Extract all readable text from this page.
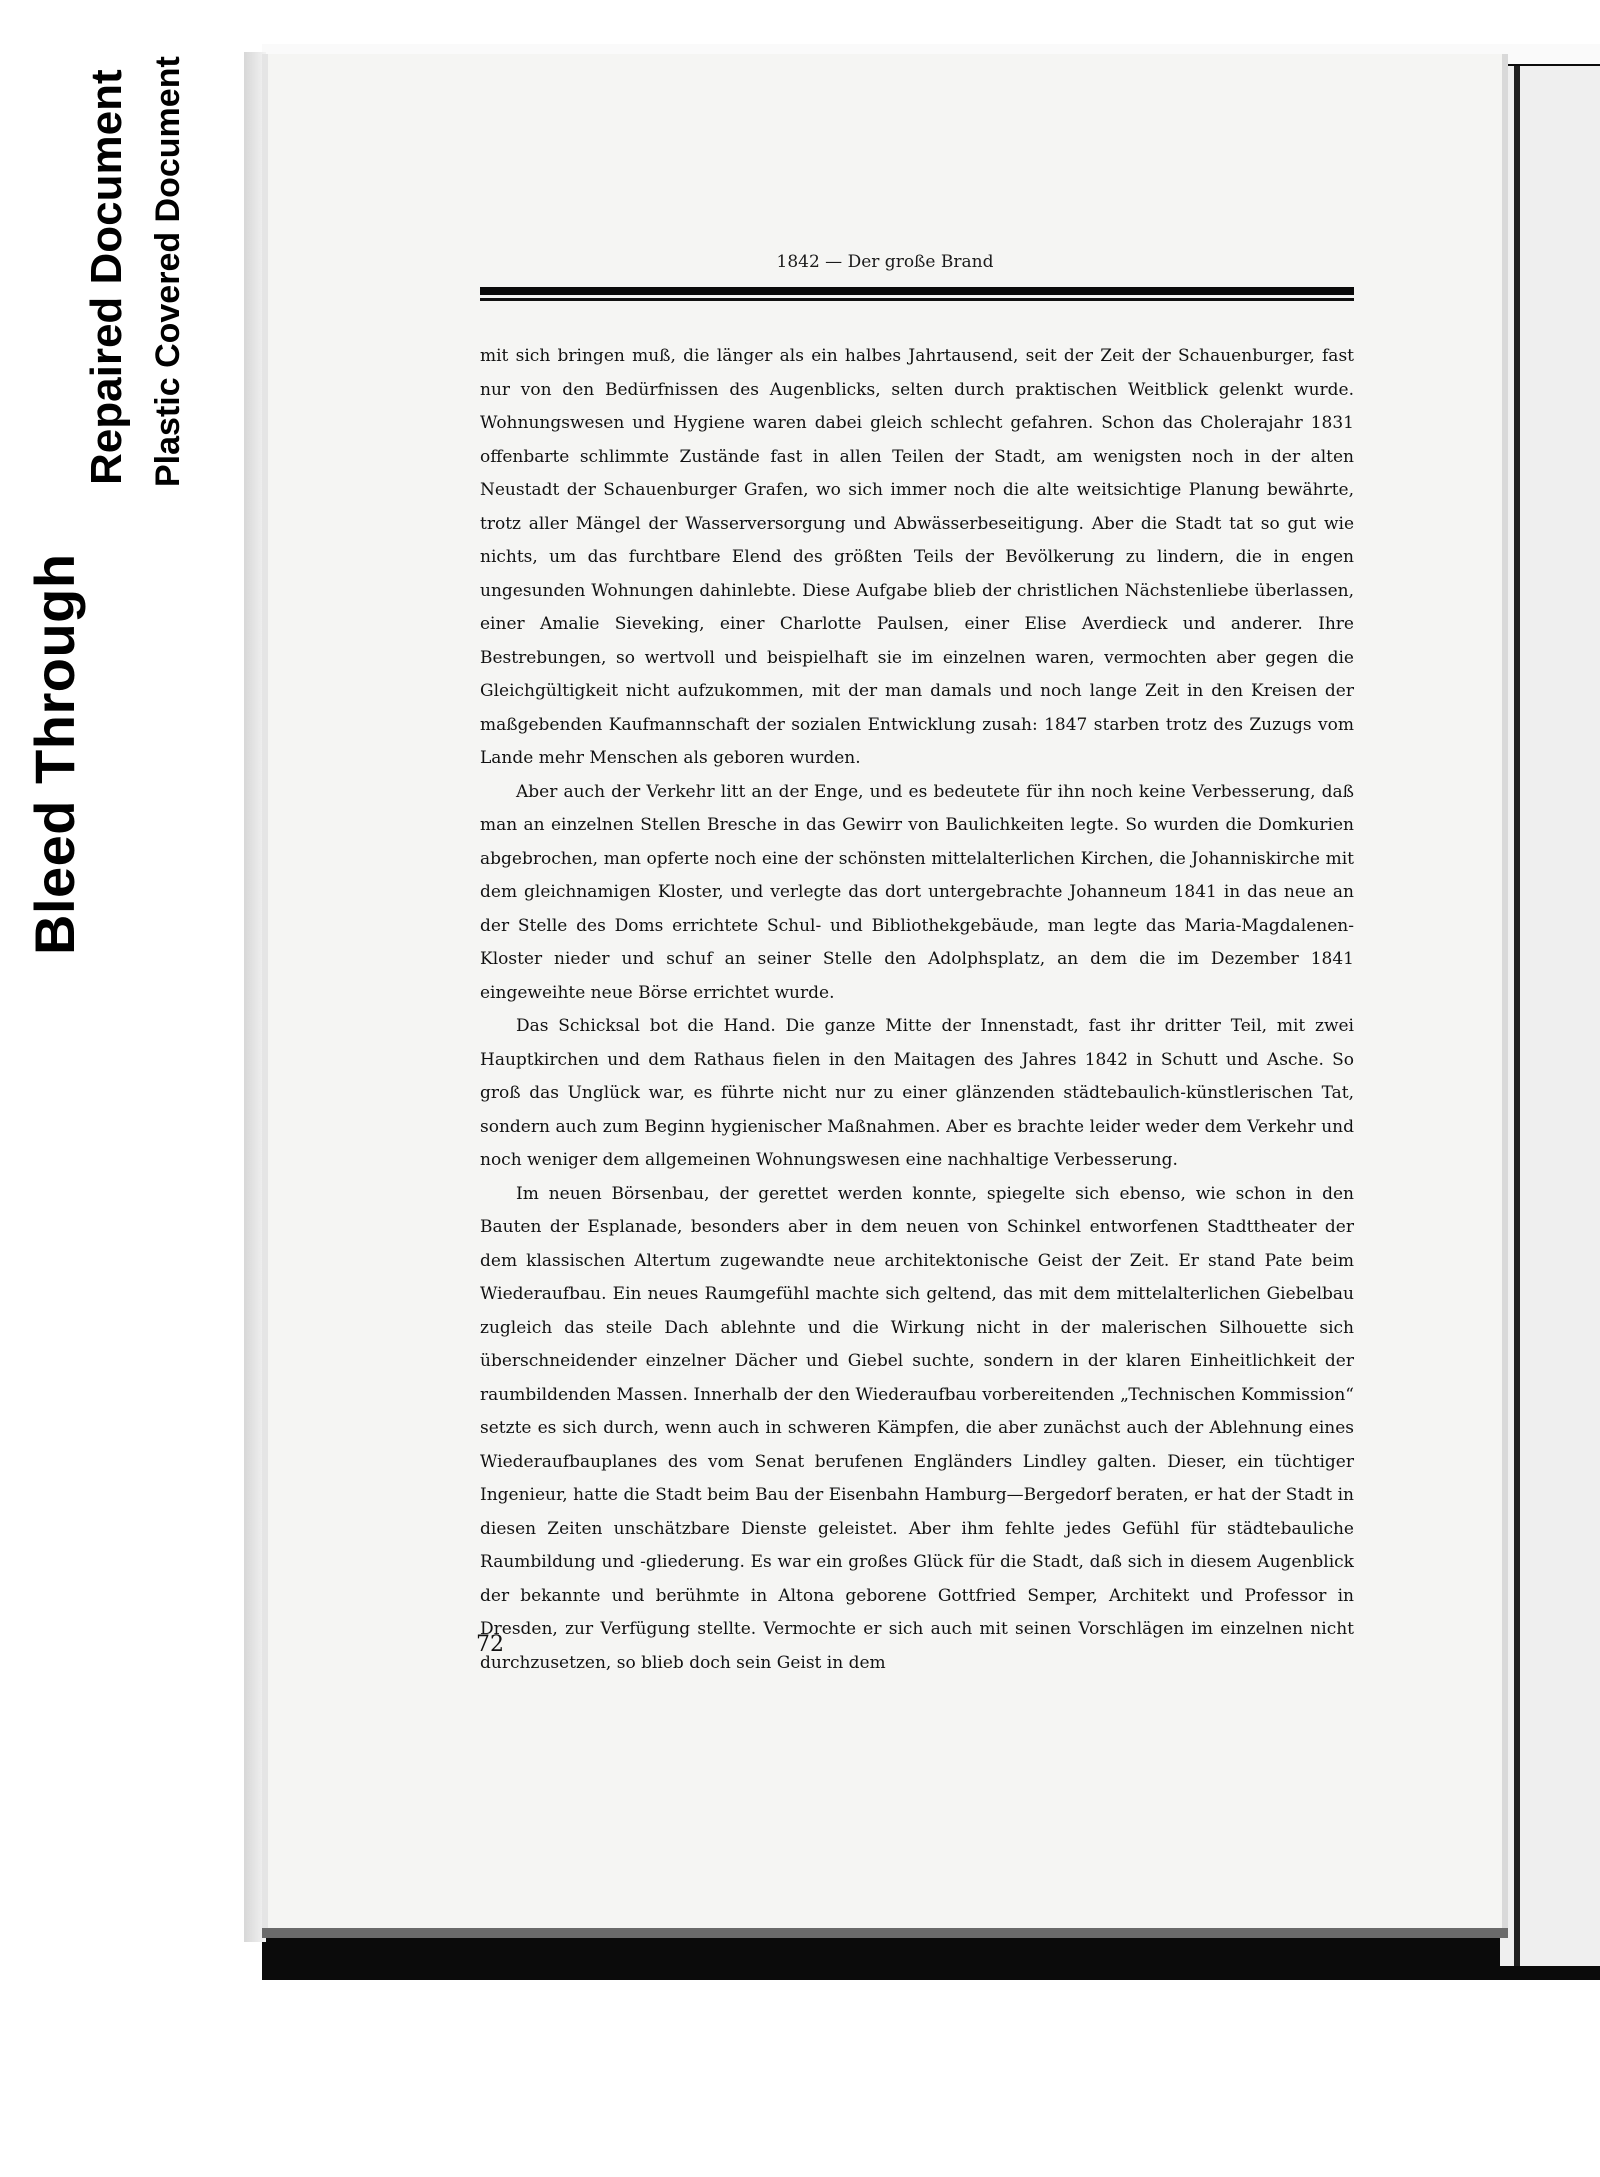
Bleed Through
Repaired Document Plastic Covered Document	1842 — Der große Brand

mit sich bringen muß, die länger als ein halbes Jahrtausend, seit der Zeit der Schauenburger, fast nur von den Bedürfnissen des Augenblicks, selten durch praktischen Weitblick gelenkt wurde. Wohnungswesen und Hygiene waren dabei gleich schlecht gefahren. Schon das Cholerajahr 1831 offenbarte schlimmte Zustände fast in allen Teilen der Stadt, am wenigsten noch in der alten Neustadt der Schauenburger Grafen, wo sich immer noch die alte weitsichtige Planung bewährte, trotz aller Mängel der Wasserversorgung und Abwässerbeseitigung. Aber die Stadt tat so gut wie nichts, um das furchtbare Elend des größten Teils der Bevölkerung zu lindern, die in engen ungesunden Wohnungen dahinlebte. Diese Aufgabe blieb der christlichen Nächstenliebe überlassen, einer Amalie Sieveking, einer Charlotte Paulsen, einer Elise Averdieck und anderer. Ihre Bestrebungen, so wertvoll und beispielhaft sie im einzelnen waren, vermochten aber gegen die Gleichgültigkeit nicht aufzukommen, mit der man damals und noch lange Zeit in den Kreisen der maßgebenden Kaufmannschaft der sozialen Entwicklung zusah: 1847 starben trotz des Zuzugs vom Lande mehr Menschen als geboren wurden.

Aber auch der Verkehr litt an der Enge, und es bedeutete für ihn noch keine Verbesserung, daß man an einzelnen Stellen Bresche in das Gewirr von Baulichkeiten legte. So wurden die Domkurien abgebrochen, man opferte noch eine der schönsten mittelalterlichen Kirchen, die Johanniskirche mit dem gleichnamigen Kloster, und verlegte das dort untergebrachte Johanneum 1841 in das neue an der Stelle des Doms errichtete Schul- und Bibliothekgebäude, man legte das Maria-Magdalenen-Kloster nieder und schuf an seiner Stelle den Adolphsplatz, an dem die im Dezember 1841 eingeweihte neue Börse errichtet wurde.

Das Schicksal bot die Hand. Die ganze Mitte der Innenstadt, fast ihr dritter Teil, mit zwei Hauptkirchen und dem Rathaus fielen in den Maitagen des Jahres 1842 in Schutt und Asche. So groß das Unglück war, es führte nicht nur zu einer glänzenden städtebaulich-künstlerischen Tat, sondern auch zum Beginn hygienischer Maßnahmen. Aber es brachte leider weder dem Verkehr und noch weniger dem allgemeinen Wohnungswesen eine nachhaltige Verbesserung.

Im neuen Börsenbau, der gerettet werden konnte, spiegelte sich ebenso, wie schon in den Bauten der Esplanade, besonders aber in dem neuen von Schinkel entworfenen Stadttheater der dem klassischen Altertum zugewandte neue architektonische Geist der Zeit. Er stand Pate beim Wiederaufbau. Ein neues Raumgefühl machte sich geltend, das mit dem mittelalterlichen Giebelbau zugleich das steile Dach ablehnte und die Wirkung nicht in der malerischen Silhouette sich überschneidender einzelner Dächer und Giebel suchte, sondern in der klaren Einheitlichkeit der raumbildenden Massen. Innerhalb der den Wiederaufbau vorbereitenden „Technischen Kommission“ setzte es sich durch, wenn auch in schweren Kämpfen, die aber zunächst auch der Ablehnung eines Wiederaufbauplanes des vom Senat berufenen Engländers Lindley galten. Dieser, ein tüchtiger Ingenieur, hatte die Stadt beim Bau der Eisenbahn Hamburg—Bergedorf beraten, er hat der Stadt in diesen Zeiten unschätzbare Dienste geleistet. Aber ihm fehlte jedes Gefühl für städtebauliche Raumbildung und -gliederung. Es war ein großes Glück für die Stadt, daß sich in diesem Augenblick der bekannte und berühmte in Altona geborene Gottfried Semper, Architekt und Professor in Dresden, zur Verfügung stellte. Vermochte er sich auch mit seinen Vorschlägen im einzelnen nicht durchzusetzen, so blieb doch sein Geist in dem

72
